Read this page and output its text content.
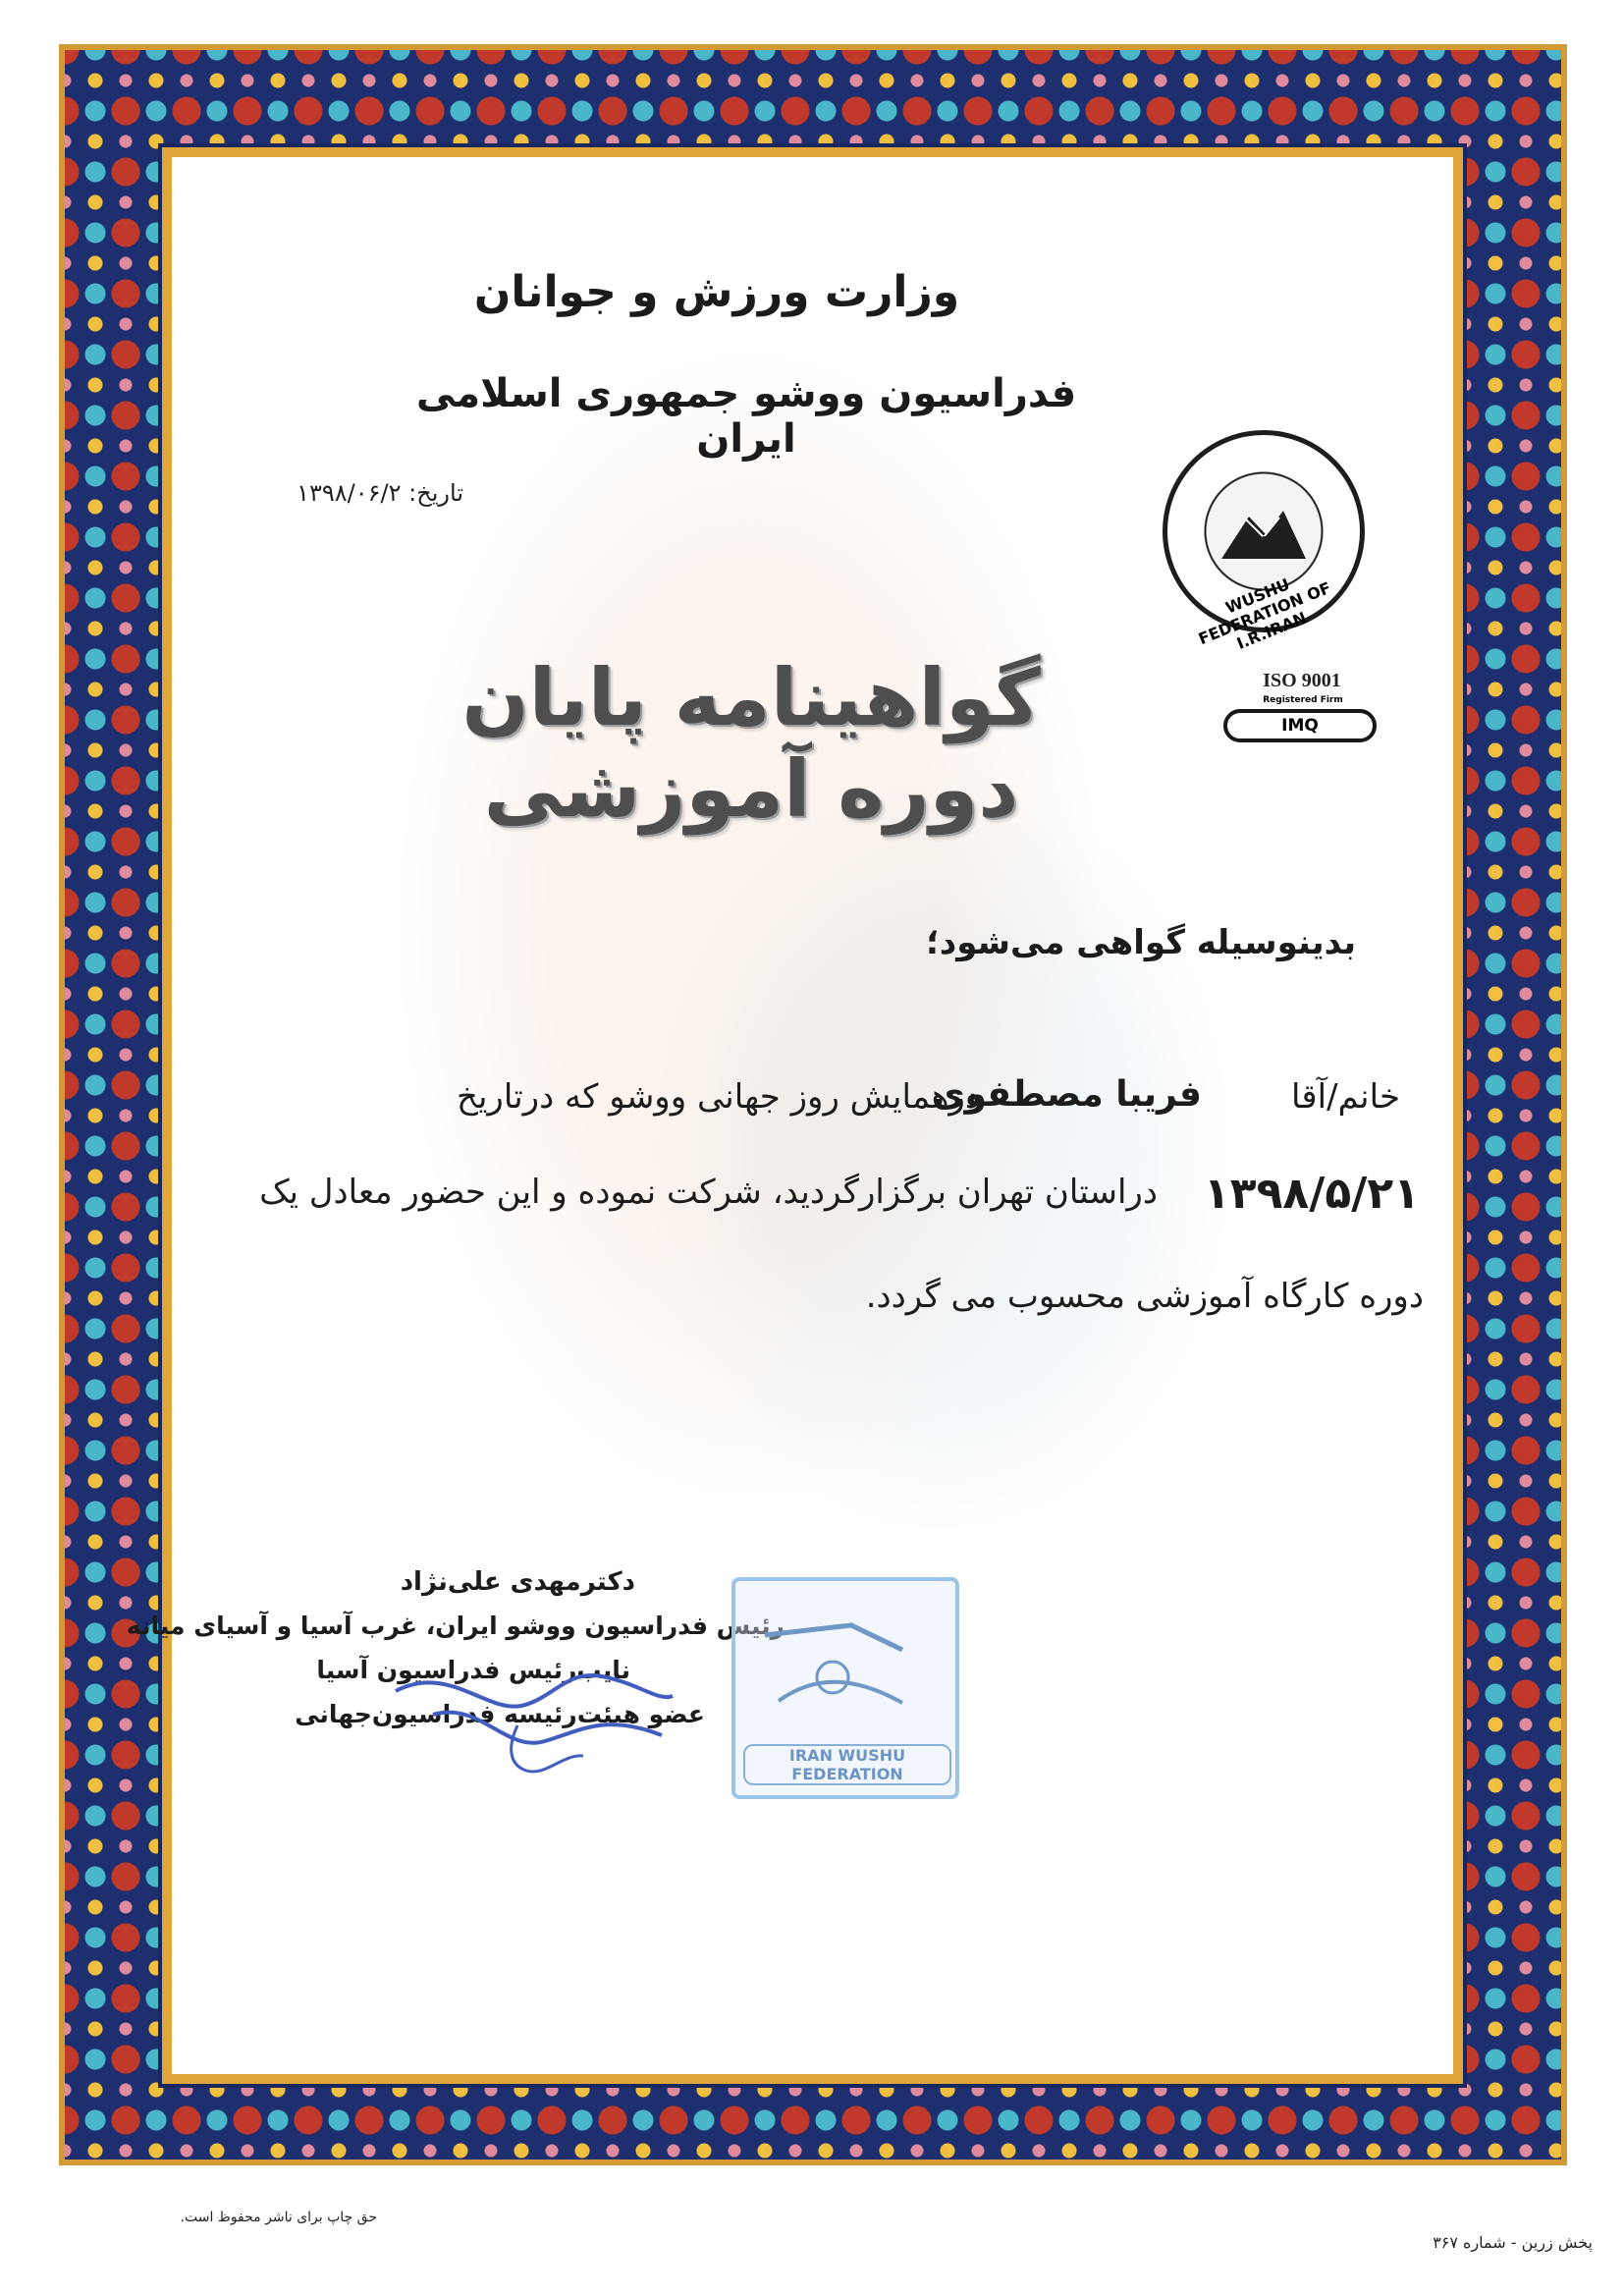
وزارت ورزش و جوانان
فدراسیون ووشو جمهوری اسلامی ایران
تاریخ: ۱۳۹۸/۰۶/۲
WUSHU FEDERATION OF I.R.IRAN
ISO 9001
Registered Firm
IMQ
گواهینامه پایان دوره آموزشی
بدینوسیله گواهی می‌شود؛
خانم/آقا
فریبا مصطفوی
درهمایش روز جهانی ووشو که درتاریخ
۱۳۹۸/۵/۲۱
دراستان تهران برگزارگردید، شرکت نموده و این حضور معادل یک
دوره کارگاه آموزشی محسوب می گردد.
دکترمهدی علی‌نژاد
رئیس فدراسیون ووشو ایران، غرب آسیا و آسیای میانه
نایب‌رئیس فدراسیون آسیا
عضو هیئت‌رئیسه فدراسیون‌جهانی
IRAN WUSHU FEDERATION
حق چاپ برای ناشر محفوظ است.
پخش زرین - شماره ۳۶۷
